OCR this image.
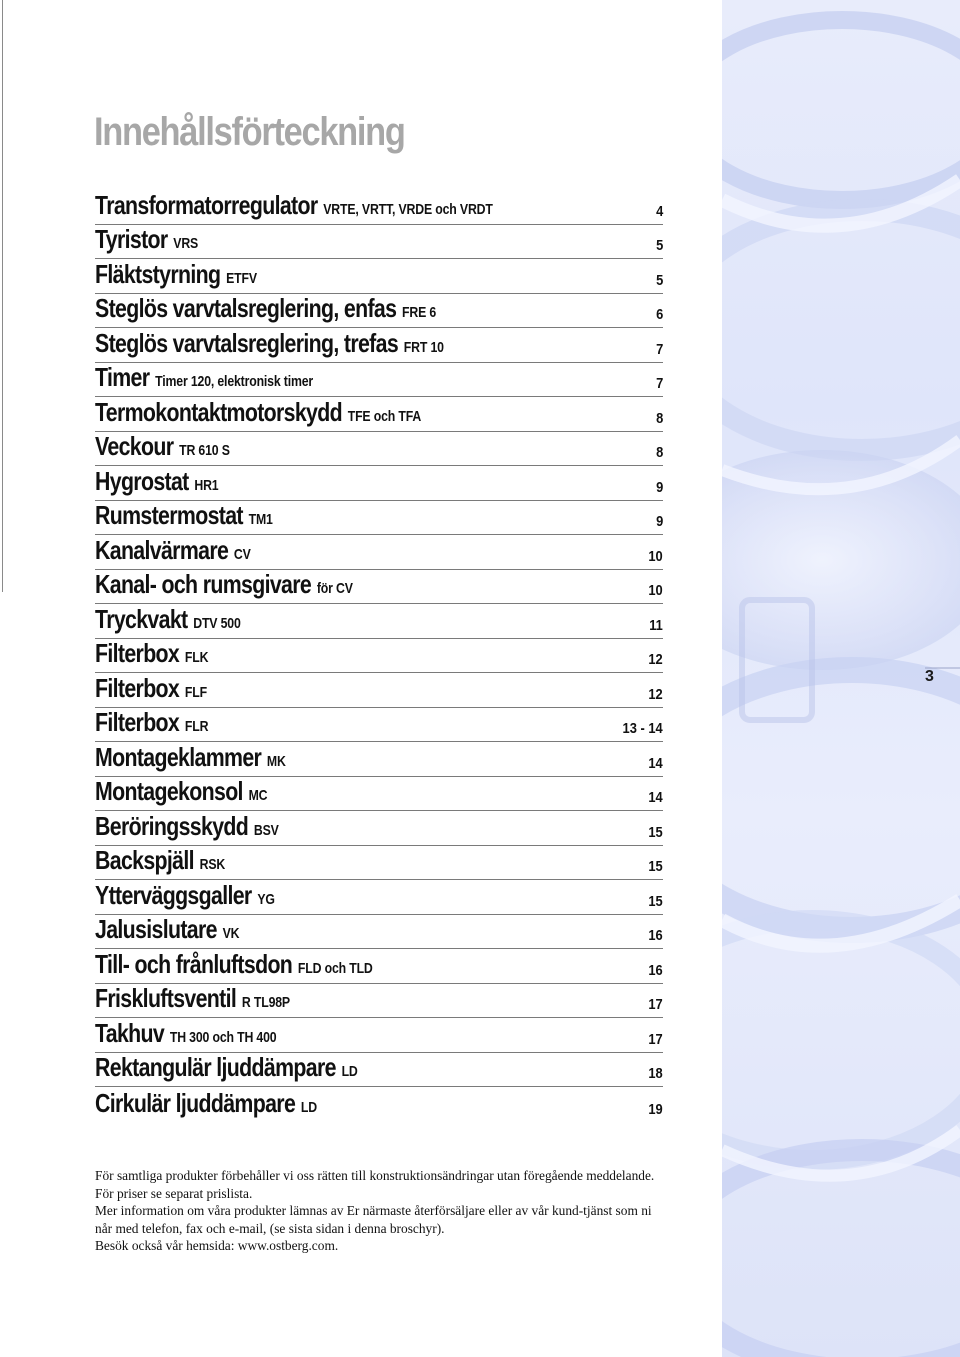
3
Innehållsförteckning
Transformatorregulator VRTE, VRTT, VRDE och VRDT	4
Tyristor VRS	5
Fläktstyrning ETFV	5
Steglös varvtalsreglering, enfas FRE 6	6
Steglös varvtalsreglering, trefas FRT 10	7
Timer Timer 120, elektronisk timer	7
Termokontaktmotorskydd TFE och TFA	8
Veckour TR 610 S	8
Hygrostat HR1	9
Rumstermostat TM1	9
Kanalvärmare CV	10
Kanal- och rumsgivare för CV	10
Tryckvakt DTV 500	11
Filterbox FLK	12
Filterbox FLF	12
Filterbox FLR	13 - 14
Montageklammer MK	14
Montagekonsol MC	14
Beröringsskydd BSV	15
Backspjäll RSK	15
Ytterväggsgaller YG	15
Jalusislutare VK	16
Till- och frånluftsdon FLD och TLD	16
Friskluftsventil R TL98P	17
Takhuv TH 300 och TH 400	17
Rektangulär ljuddämpare LD	18
Cirkulär ljuddämpare LD	19

För samtliga produkter förbehåller vi oss rätten till konstruktionsändringar utan föregående meddelande.

För priser se separat prislista.

Mer information om våra produkter lämnas av Er närmaste återförsäljare eller av vår kund-tjänst som ni når med telefon, fax och e-mail, (se sista sidan i denna broschyr).

Besök också vår hemsida: www.ostberg.com.
